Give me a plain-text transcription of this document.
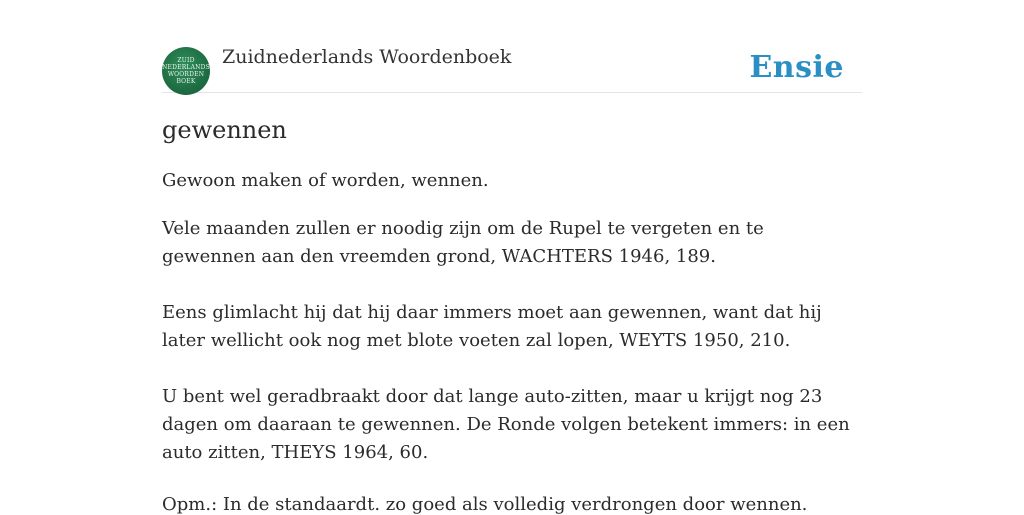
ZUID
NEDERLANDS
WOORDEN
BOEK
Zuidnederlands Woordenboek	Ensie
gewennen

Gewoon maken of worden, wennen.

Vele maanden zullen er noodig zijn om de Rupel te vergeten en te gewennen aan den vreemden grond, WACHTERS 1946, 189.

Eens glimlacht hij dat hij daar immers moet aan gewennen, want dat hij later wellicht ook nog met blote voeten zal lopen, WEYTS 1950, 210.

U bent wel geradbraakt door dat lange auto-zitten, maar u krijgt nog 23 dagen om daaraan te gewennen. De Ronde volgen betekent immers: in een auto zitten, THEYS 1964, 60.

Opm.: In de standaardt. zo goed als volledig verdrongen door wennen.
